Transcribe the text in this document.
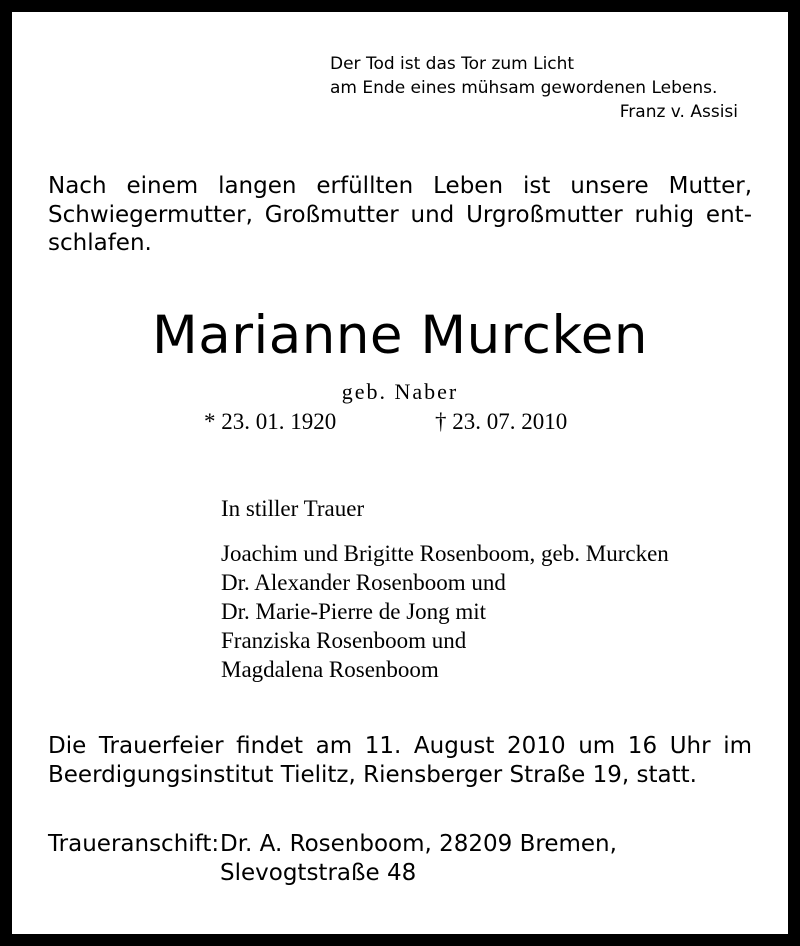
Der Tod ist das Tor zum Licht
am Ende eines mühsam gewordenen Lebens.
Franz v. Assisi
Nach einem langen erfüllten Leben ist unsere Mutter, Schwiegermutter, Großmutter und Urgroßmutter ruhig entschlafen.
Marianne Murcken
geb. Naber
* 23. 01. 1920	† 23. 07. 2010
In stiller Trauer
Joachim und Brigitte Rosenboom, geb. Murcken
Dr. Alexander Rosenboom und
Dr. Marie-Pierre de Jong mit
Franziska Rosenboom und
Magdalena Rosenboom
Die Trauerfeier findet am 11. August 2010 um 16 Uhr im Beerdigungsinstitut Tielitz, Riensberger Straße 19, statt.
Traueranschift: Dr. A. Rosenboom, 28209 Bremen,
Slevogtstraße 48
